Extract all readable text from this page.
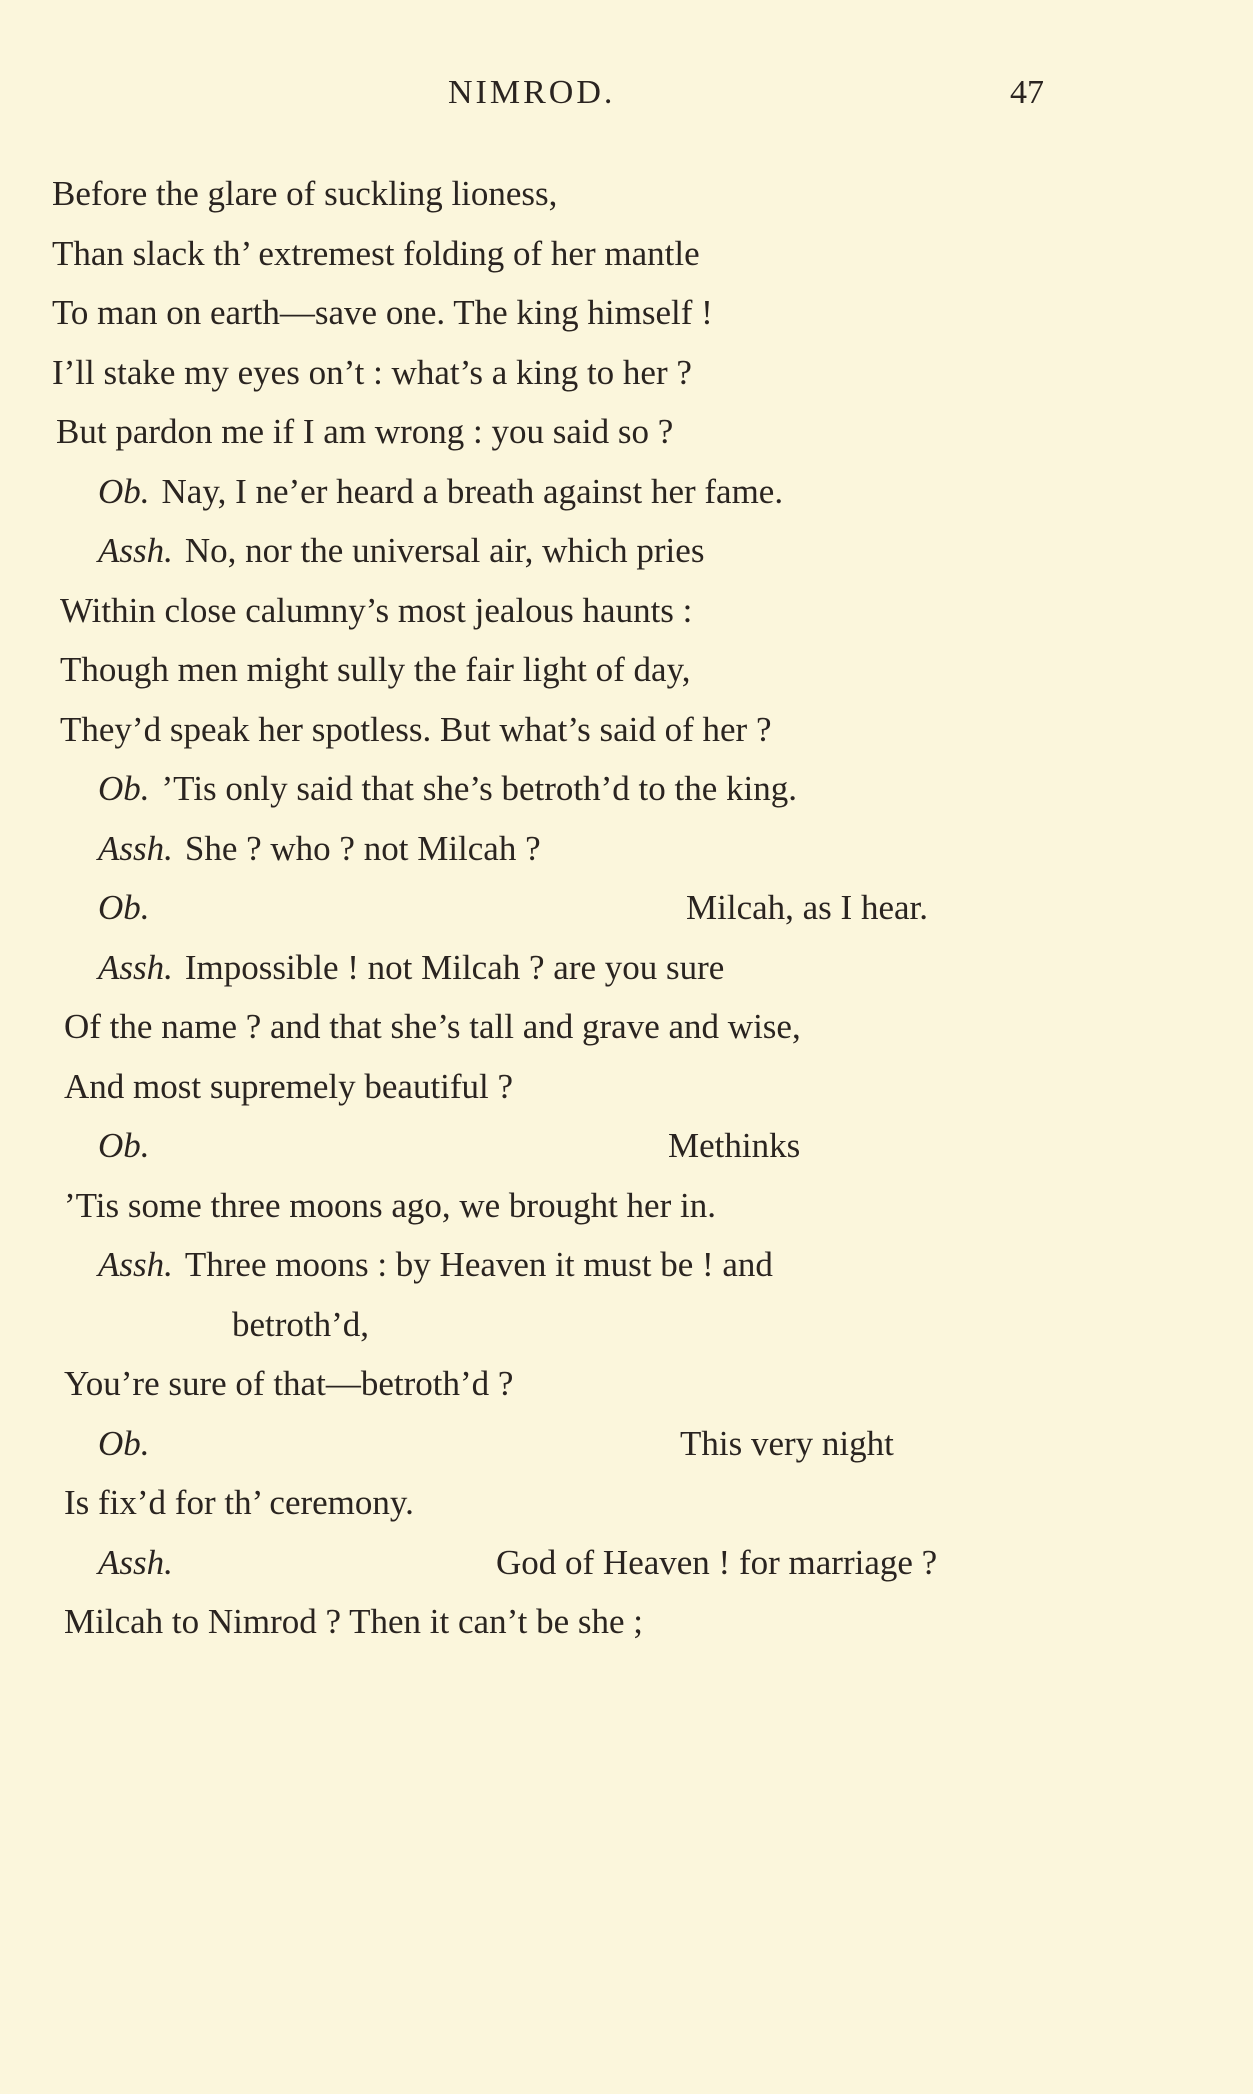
NIMROD.	47
Before the glare of suckling lioness,
Than slack th’ extremest folding of her mantle
To man on earth—save one. The king himself !
I’ll stake my eyes on’t : what’s a king to her ?
But pardon me if I am wrong : you said so ?
Ob. Nay, I ne’er heard a breath against her fame.
Assh. No, nor the universal air, which pries
Within close calumny’s most jealous haunts :
Though men might sully the fair light of day,
They’d speak her spotless. But what’s said of her ?
Ob. ’Tis only said that she’s betroth’d to the king.
Assh. She ? who ? not Milcah ?
Ob.	Milcah, as I hear.
Assh. Impossible ! not Milcah ? are you sure
Of the name ? and that she’s tall and grave and wise,
And most supremely beautiful ?
Ob.	Methinks
’Tis some three moons ago, we brought her in.
Assh. Three moons : by Heaven it must be ! and
betroth’d,
You’re sure of that—betroth’d ?
Ob.	This very night
Is fix’d for th’ ceremony.
Assh.	God of Heaven ! for marriage ?
Milcah to Nimrod ? Then it can’t be she ;
